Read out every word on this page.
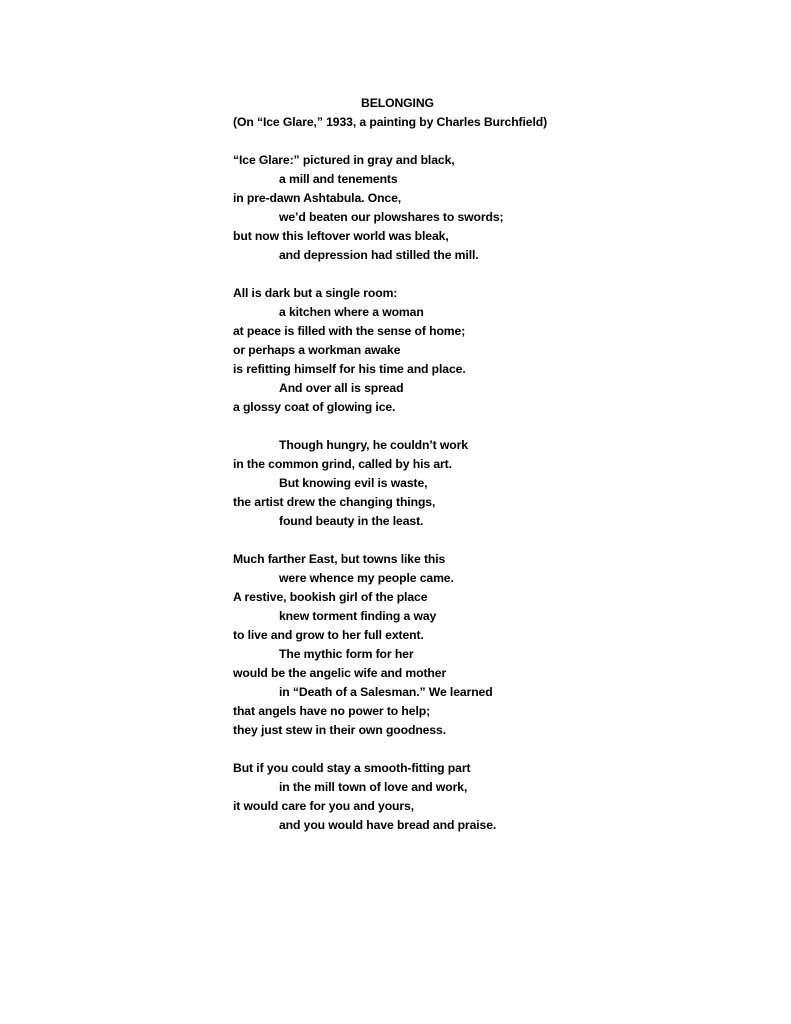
BELONGING
(On “Ice Glare,” 1933, a painting by Charles Burchfield)
“Ice Glare:” pictured in gray and black,
a mill and tenements
in pre-dawn Ashtabula. Once,
we’d beaten our plowshares to swords;
but now this leftover world was bleak,
and depression had stilled the mill.
All is dark but a single room:
a kitchen where a woman
at peace is filled with the sense of home;
or perhaps a workman awake
is refitting himself for his time and place.
And over all is spread
a glossy coat of glowing ice.
Though hungry, he couldn’t work
in the common grind, called by his art.
But knowing evil is waste,
the artist drew the changing things,
found beauty in the least.
Much farther East, but towns like this
were whence my people came.
A restive, bookish girl of the place
knew torment finding a way
to live and grow to her full extent.
The mythic form for her
would be the angelic wife and mother
in “Death of a Salesman.” We learned
that angels have no power to help;
they just stew in their own goodness.
But if you could stay a smooth-fitting part
in the mill town of love and work,
it would care for you and yours,
and you would have bread and praise.
